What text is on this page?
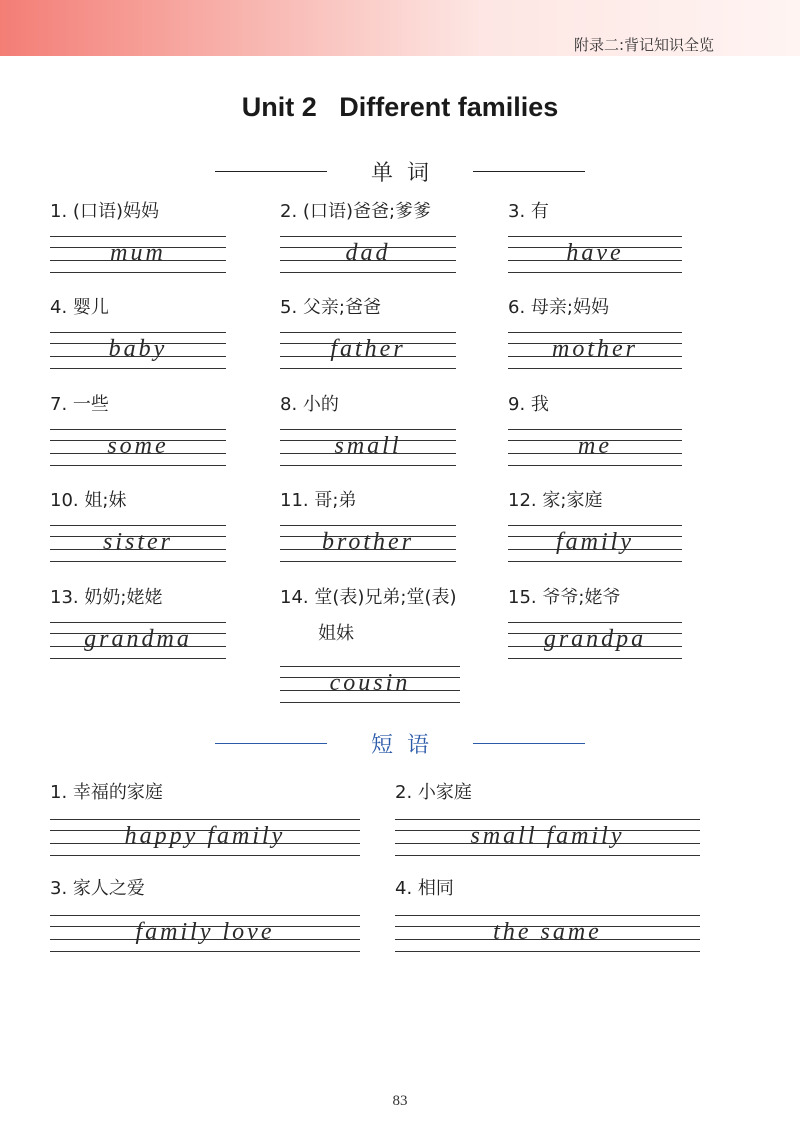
附录二:背记知识全览
Unit 2   Different families
单词
1. (口语)妈妈
mum
2. (口语)爸爸;爹爹
dad
3. 有
have
4. 婴儿
baby
5. 父亲;爸爸
father
6. 母亲;妈妈
mother
7. 一些
some
8. 小的
small
9. 我
me
10. 姐;妹
sister
11. 哥;弟
brother
12. 家;家庭
family
13. 奶奶;姥姥
grandma
14. 堂(表)兄弟;堂(表)
姐妹
cousin
15. 爷爷;姥爷
grandpa
短语
1. 幸福的家庭
happy family
2. 小家庭
small family
3. 家人之爱
family love
4. 相同
the same
83
